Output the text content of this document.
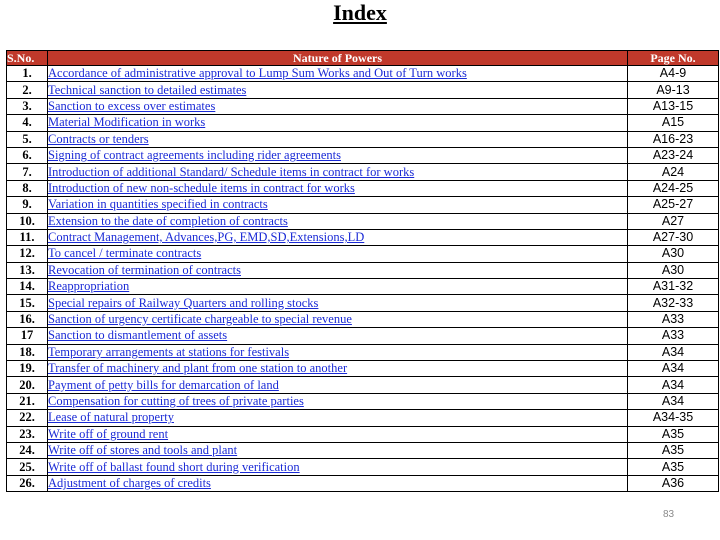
Index
S.No.	Nature of Powers	Page No.
1.	Accordance of administrative approval to Lump Sum Works and Out of Turn works	A4-9
2.	Technical sanction to detailed estimates	A9-13
3.	Sanction to excess over estimates	A13-15
4.	Material Modification in works	A15
5.	Contracts or tenders	A16-23
6.	Signing of contract agreements including rider agreements	A23-24
7.	Introduction of additional Standard/ Schedule items in contract for works	A24
8.	Introduction of new non-schedule items in contract for works	A24-25
9.	Variation in quantities specified in contracts	A25-27
10.	Extension to the date of completion of contracts	A27
11.	Contract Management, Advances,PG, EMD,SD,Extensions,LD	A27-30
12.	To cancel / terminate contracts	A30
13.	Revocation of termination of contracts	A30
14.	Reappropriation	A31-32
15.	Special repairs of Railway Quarters and rolling stocks	A32-33
16.	Sanction of urgency certificate chargeable to special revenue	A33
17	Sanction to dismantlement of assets	A33
18.	Temporary arrangements at stations for festivals	A34
19.	Transfer of machinery and plant from one station to another	A34
20.	Payment of petty bills for demarcation of land	A34
21.	Compensation for cutting of trees of private parties	A34
22.	Lease of natural property	A34-35
23.	Write off of ground rent	A35
24.	Write off of stores and tools and plant	A35
25.	Write off of ballast found short during verification	A35
26.	Adjustment of charges of credits	A36
83
